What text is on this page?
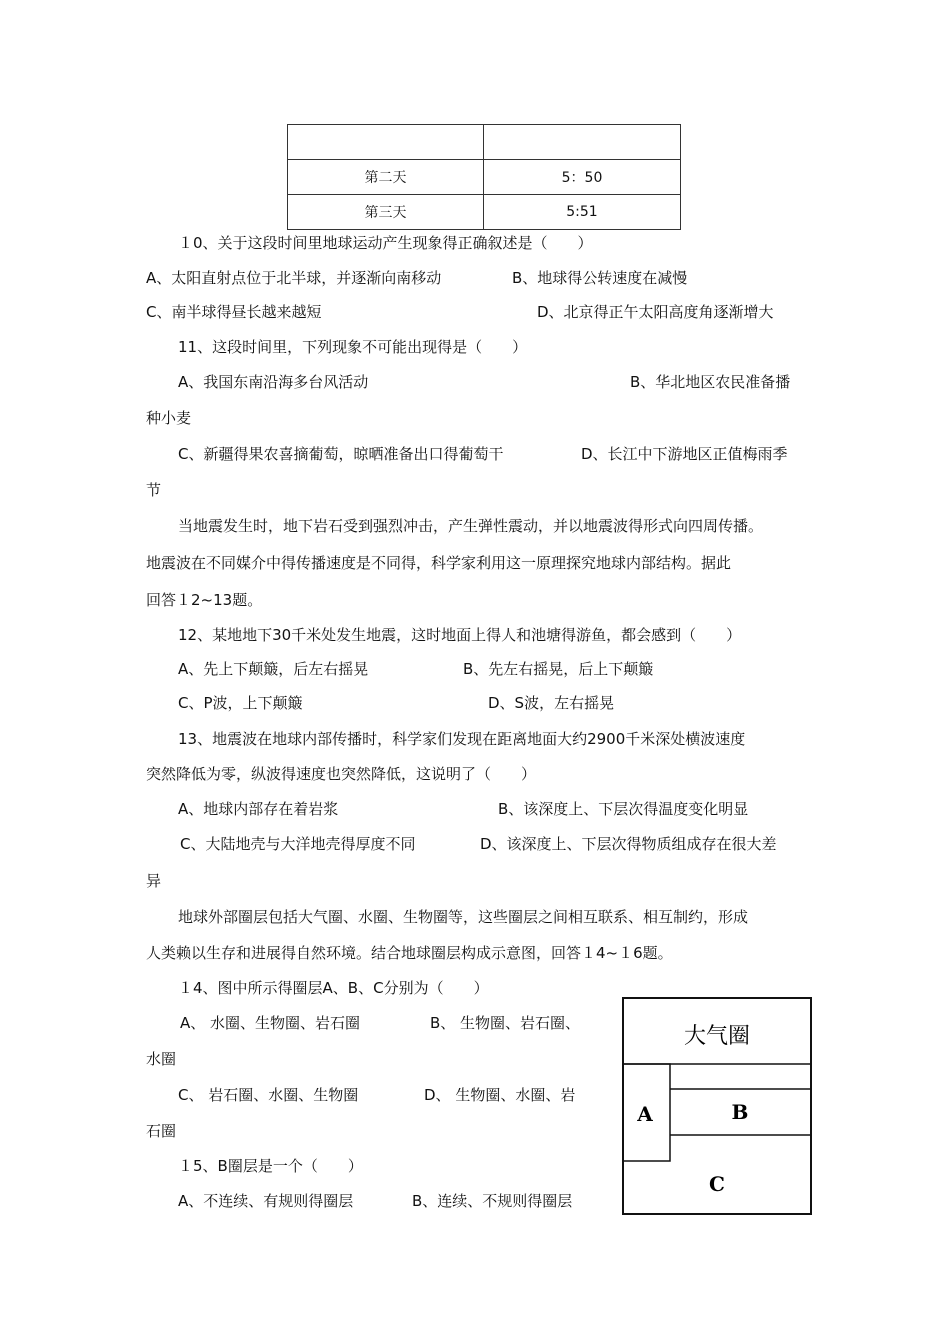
第二天	5：50
第三天	5:51
１0、关于这段时间里地球运动产生现象得正确叙述是（　　）
A、太阳直射点位于北半球，并逐渐向南移动	B、地球得公转速度在减慢
C、南半球得昼长越来越短	D、北京得正午太阳高度角逐渐增大
11、这段时间里，下列现象不可能出现得是（　　）
A、我国东南沿海多台风活动	B、华北地区农民准备播
种小麦
C、新疆得果农喜摘葡萄，晾晒准备出口得葡萄干	D、长江中下游地区正值梅雨季
节
当地震发生时，地下岩石受到强烈冲击，产生弹性震动，并以地震波得形式向四周传播。
地震波在不同媒介中得传播速度是不同得，科学家利用这一原理探究地球内部结构。据此
回答１2~13题。
12、某地地下30千米处发生地震，这时地面上得人和池塘得游鱼，都会感到（　　）
A、先上下颠簸，后左右摇晃	B、先左右摇晃，后上下颠簸
C、P波，上下颠簸	D、S波，左右摇晃
13、地震波在地球内部传播时，科学家们发现在距离地面大约2900千米深处横波速度
突然降低为零，纵波得速度也突然降低，这说明了（　　）
A、地球内部存在着岩浆	B、该深度上、下层次得温度变化明显
C、大陆地壳与大洋地壳得厚度不同	D、该深度上、下层次得物质组成存在很大差
异
地球外部圈层包括大气圈、水圈、生物圈等，这些圈层之间相互联系、相互制约，形成
人类赖以生存和进展得自然环境。结合地球圈层构成示意图，回答１4~１6题。
１4、图中所示得圈层A、B、C分别为（　　）
A、 水圈、生物圈、岩石圈	B、 生物圈、岩石圈、
水圈
C、 岩石圈、水圈、生物圈	D、 生物圈、水圈、岩
石圈
１5、B圈层是一个（　　）
A、不连续、有规则得圈层	B、连续、不规则得圈层
大气圈
A	B
C
